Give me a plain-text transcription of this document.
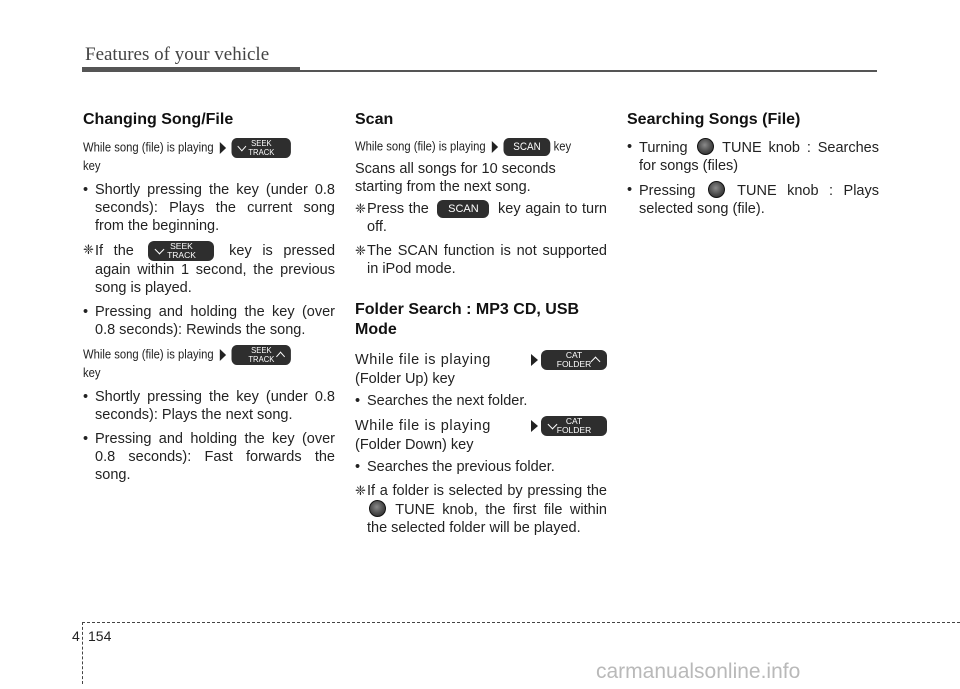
Features of your vehicle
Changing Song/File
While song (file) is playing	SEEK
TRACK
key
• Shortly pressing the key (under 0.8 seconds): Plays the current song from the beginning.
❈ If the	SEEK
TRACK key is pressed again within 1 second, the previous song is played.
• Pressing and holding the key (over 0.8 seconds): Rewinds the song.
While song (file) is playing	SEEK
TRACK
key
• Shortly pressing the key (under 0.8 seconds): Plays the next song.
• Pressing and holding the key (over 0.8 seconds): Fast forwards the song.
Scan
While song (file) is playing	SCAN key

Scans all songs for 10 seconds starting from the next song.

❈ Press the SCAN key again to turn off.
❈ The SCAN function is not supported in iPod mode.
Folder Search : MP3 CD, USB Mode
While file is playing	CAT
FOLDER

(Folder Up) key

• Searches the next folder.
While file is playing	CAT
FOLDER

(Folder Down) key

• Searches the previous folder.
❈ If a folder is selected by pressing the  TUNE knob, the first file within the selected folder will be played.
Searching Songs (File)
• Turning TUNE knob : Searches for songs (files)
• Pressing	TUNE knob : Plays selected song (file).
4 154
carmanualsonline.info
